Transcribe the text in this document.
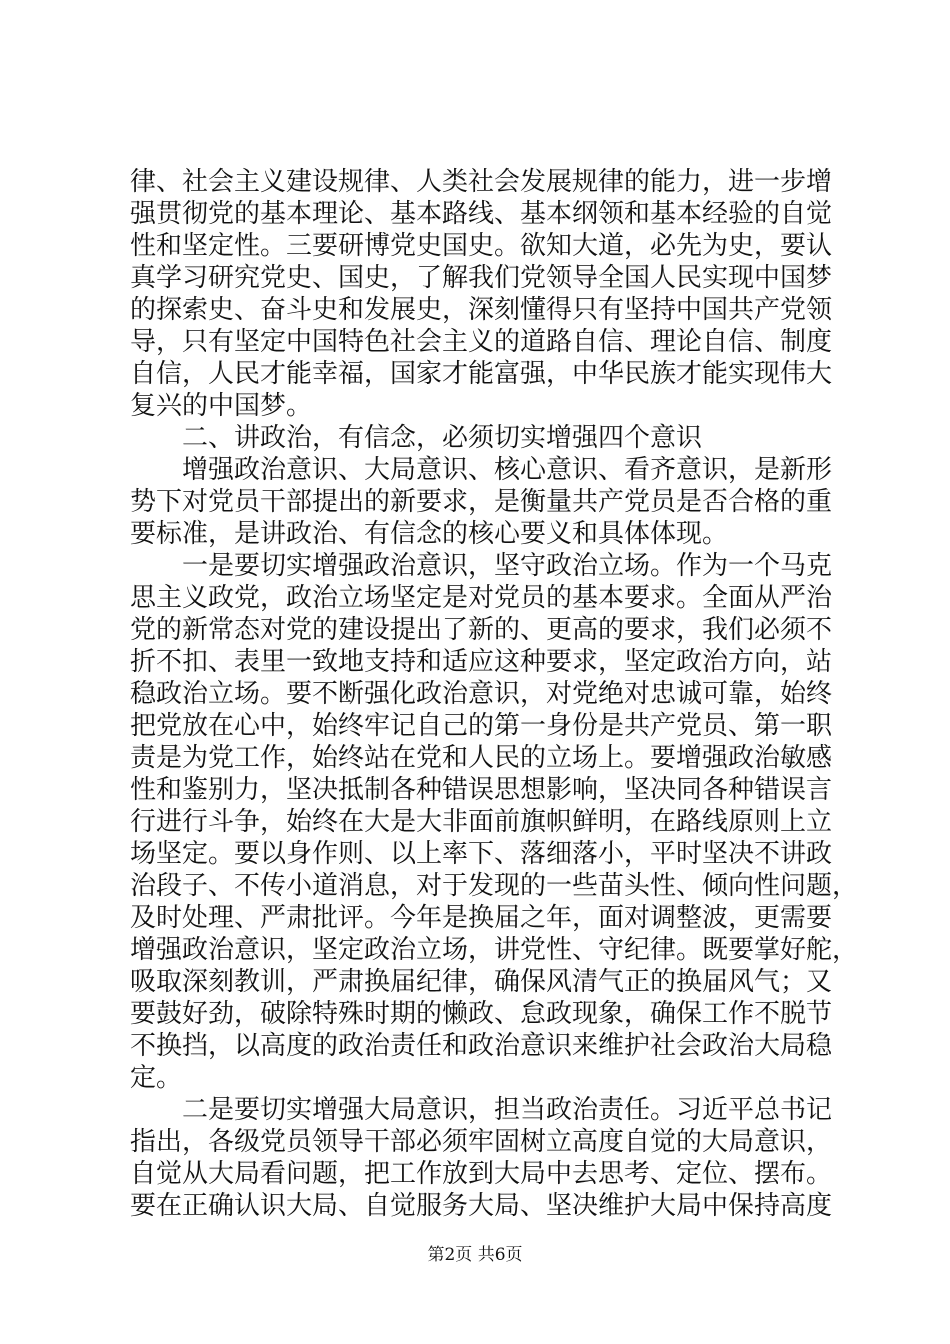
律、社会主义建设规律、人类社会发展规律的能力，进一步增
强贯彻党的基本理论、基本路线、基本纲领和基本经验的自觉
性和坚定性。三要研博党史国史。欲知大道，必先为史，要认
真学习研究党史、国史，了解我们党领导全国人民实现中国梦
的探索史、奋斗史和发展史，深刻懂得只有坚持中国共产党领
导，只有坚定中国特色社会主义的道路自信、理论自信、制度
自信，人民才能幸福，国家才能富强，中华民族才能实现伟大
复兴的中国梦。
　　二、讲政治，有信念，必须切实增强四个意识
　　增强政治意识、大局意识、核心意识、看齐意识，是新形
势下对党员干部提出的新要求，是衡量共产党员是否合格的重
要标准，是讲政治、有信念的核心要义和具体体现。
　　一是要切实增强政治意识，坚守政治立场。作为一个马克
思主义政党，政治立场坚定是对党员的基本要求。全面从严治
党的新常态对党的建设提出了新的、更高的要求，我们必须不
折不扣、表里一致地支持和适应这种要求，坚定政治方向，站
稳政治立场。要不断强化政治意识，对党绝对忠诚可靠，始终
把党放在心中，始终牢记自己的第一身份是共产党员、第一职
责是为党工作，始终站在党和人民的立场上。要增强政治敏感
性和鉴别力，坚决抵制各种错误思想影响，坚决同各种错误言
行进行斗争，始终在大是大非面前旗帜鲜明，在路线原则上立
场坚定。要以身作则、以上率下、落细落小，平时坚决不讲政
治段子、不传小道消息，对于发现的一些苗头性、倾向性问题，
及时处理、严肃批评。今年是换届之年，面对调整波，更需要
增强政治意识，坚定政治立场，讲党性、守纪律。既要掌好舵，
吸取深刻教训，严肃换届纪律，确保风清气正的换届风气；又
要鼓好劲，破除特殊时期的懒政、怠政现象，确保工作不脱节
不换挡，以高度的政治责任和政治意识来维护社会政治大局稳
定。
　　二是要切实增强大局意识，担当政治责任。习近平总书记
指出，各级党员领导干部必须牢固树立高度自觉的大局意识，
自觉从大局看问题，把工作放到大局中去思考、定位、摆布。
要在正确认识大局、自觉服务大局、坚决维护大局中保持高度
第2页 共6页
